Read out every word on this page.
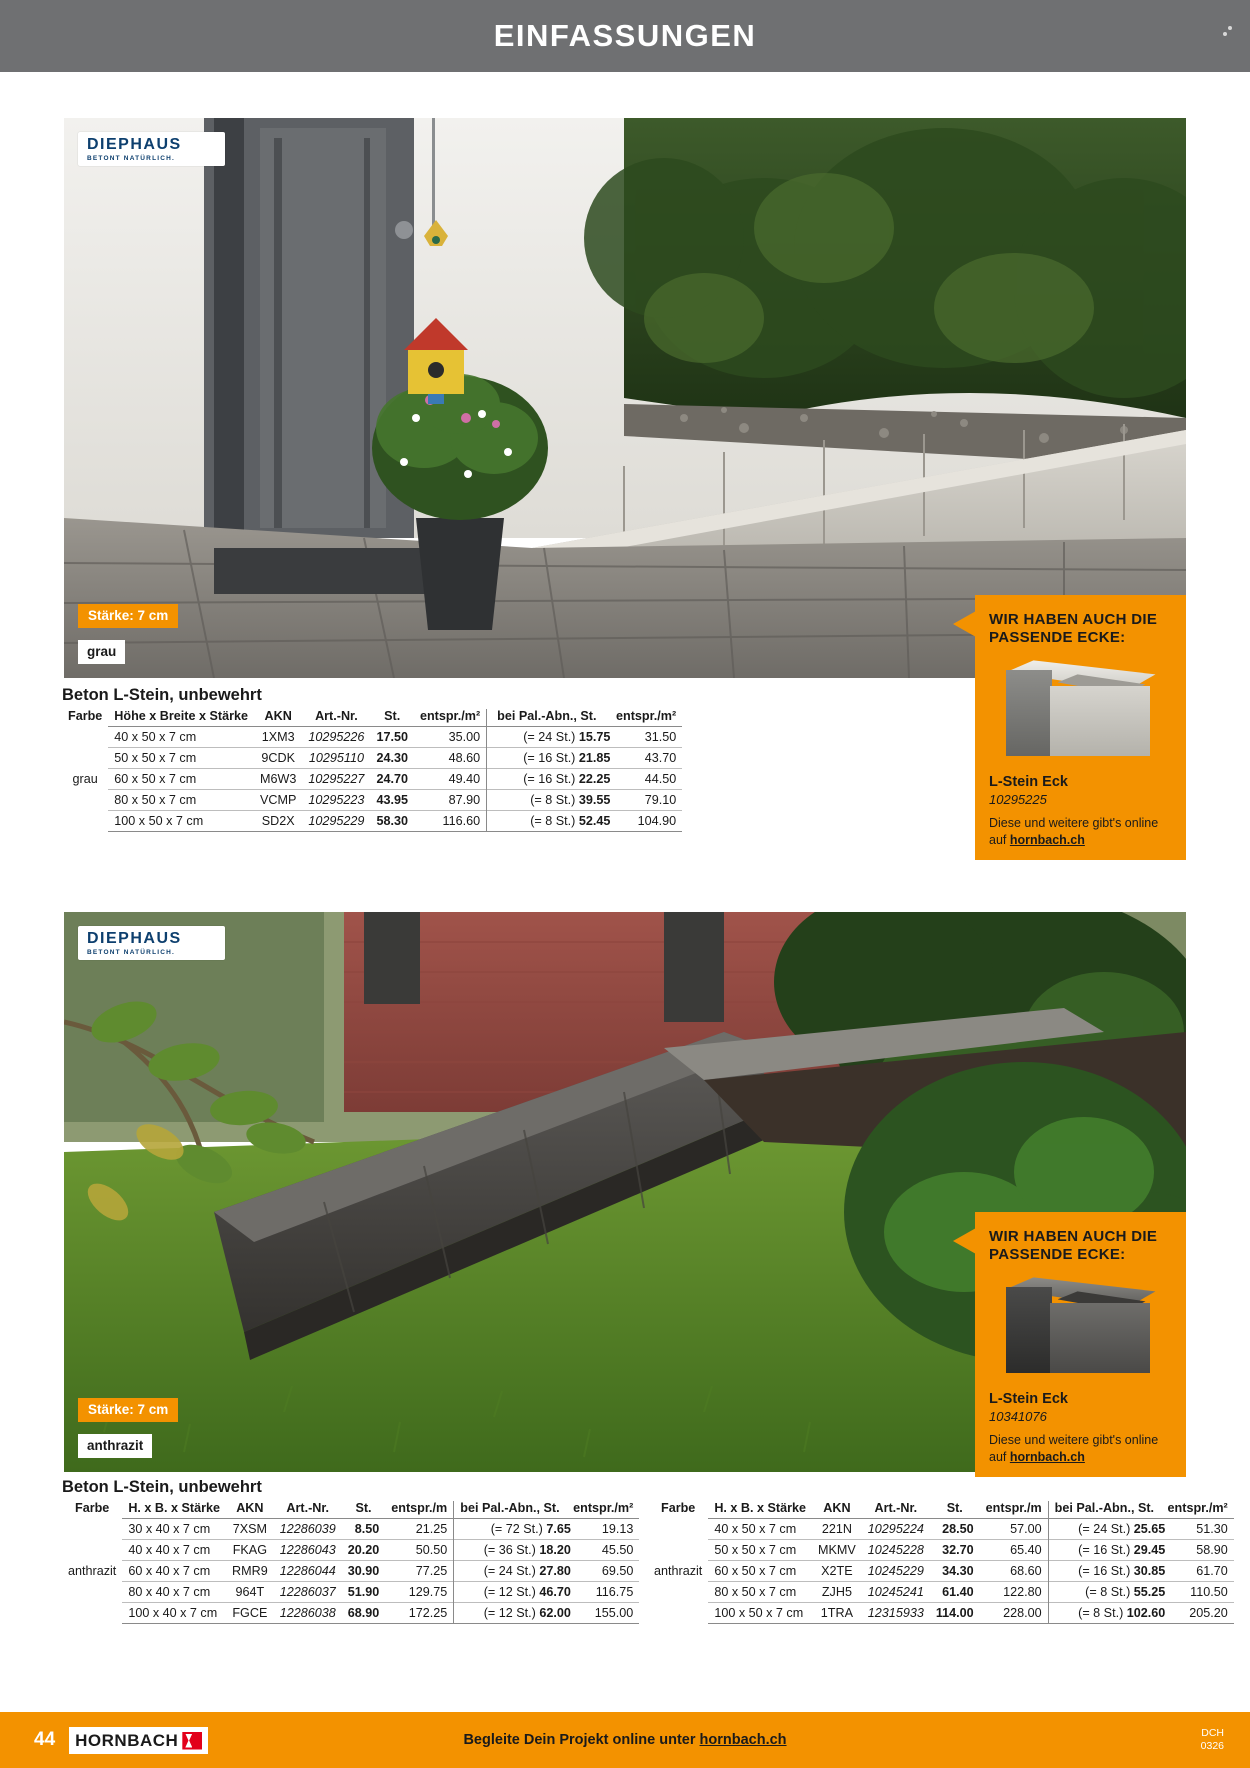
EINFASSUNGEN
DIEPHAUS
BETONT NATÜRLICH.
Stärke: 7 cm
grau
WIR HABEN AUCH DIE PASSENDE ECKE:
L-Stein Eck
10295225
Diese und weitere gibt's online auf hornbach.ch
Beton L-Stein, unbewehrt
Farbe	Höhe x Breite x Stärke	AKN	Art.-Nr.	St.	entspr./m²	bei Pal.-Abn., St. entspr./m²	
grau	40 x 50 x 7 cm	1XM3	10295226	17.50	35.00	(= 24 St.) 15.75	31.50
	50 x 50 x 7 cm	9CDK	10295110	24.30	48.60	(= 16 St.) 21.85	43.70
	60 x 50 x 7 cm	M6W3	10295227	24.70	49.40	(= 16 St.) 22.25	44.50
	80 x 50 x 7 cm	VCMP	10295223	43.95	87.90	(= 8 St.) 39.55	79.10
	100 x 50 x 7 cm	SD2X	10295229	58.30	116.60	(= 8 St.) 52.45	104.90
DIEPHAUS
BETONT NATÜRLICH.
Stärke: 7 cm
anthrazit
WIR HABEN AUCH DIE PASSENDE ECKE:
L-Stein Eck
10341076
Diese und weitere gibt's online auf hornbach.ch
Beton L-Stein, unbewehrt
Farbe	H. x B. x Stärke	AKN	Art.-Nr.	St.	entspr./m	bei Pal.-Abn., St. entspr./m²	
anthrazit	30 x 40 x 7 cm	7XSM	12286039	8.50	21.25	(= 72 St.) 7.65	19.13
	40 x 40 x 7 cm	FKAG	12286043	20.20	50.50	(= 36 St.) 18.20	45.50
	60 x 40 x 7 cm	RMR9	12286044	30.90	77.25	(= 24 St.) 27.80	69.50
	80 x 40 x 7 cm	964T	12286037	51.90	129.75	(= 12 St.) 46.70	116.75
	100 x 40 x 7 cm	FGCE	12286038	68.90	172.25	(= 12 St.) 62.00	155.00
Farbe	H. x B. x Stärke	AKN	Art.-Nr.	St.	entspr./m	bei Pal.-Abn., St. entspr./m²	
anthrazit	40 x 50 x 7 cm	221N	10295224	28.50	57.00	(= 24 St.) 25.65	51.30
	50 x 50 x 7 cm	MKMV	10245228	32.70	65.40	(= 16 St.) 29.45	58.90
	60 x 50 x 7 cm	X2TE	10245229	34.30	68.60	(= 16 St.) 30.85	61.70
	80 x 50 x 7 cm	ZJH5	10245241	61.40	122.80	(= 8 St.) 55.25	110.50
	100 x 50 x 7 cm	1TRA	12315933	114.00	228.00	(= 8 St.) 102.60	205.20
44 HORNBACH	Begleite Dein Projekt online unter hornbach.ch	DCH
0326
